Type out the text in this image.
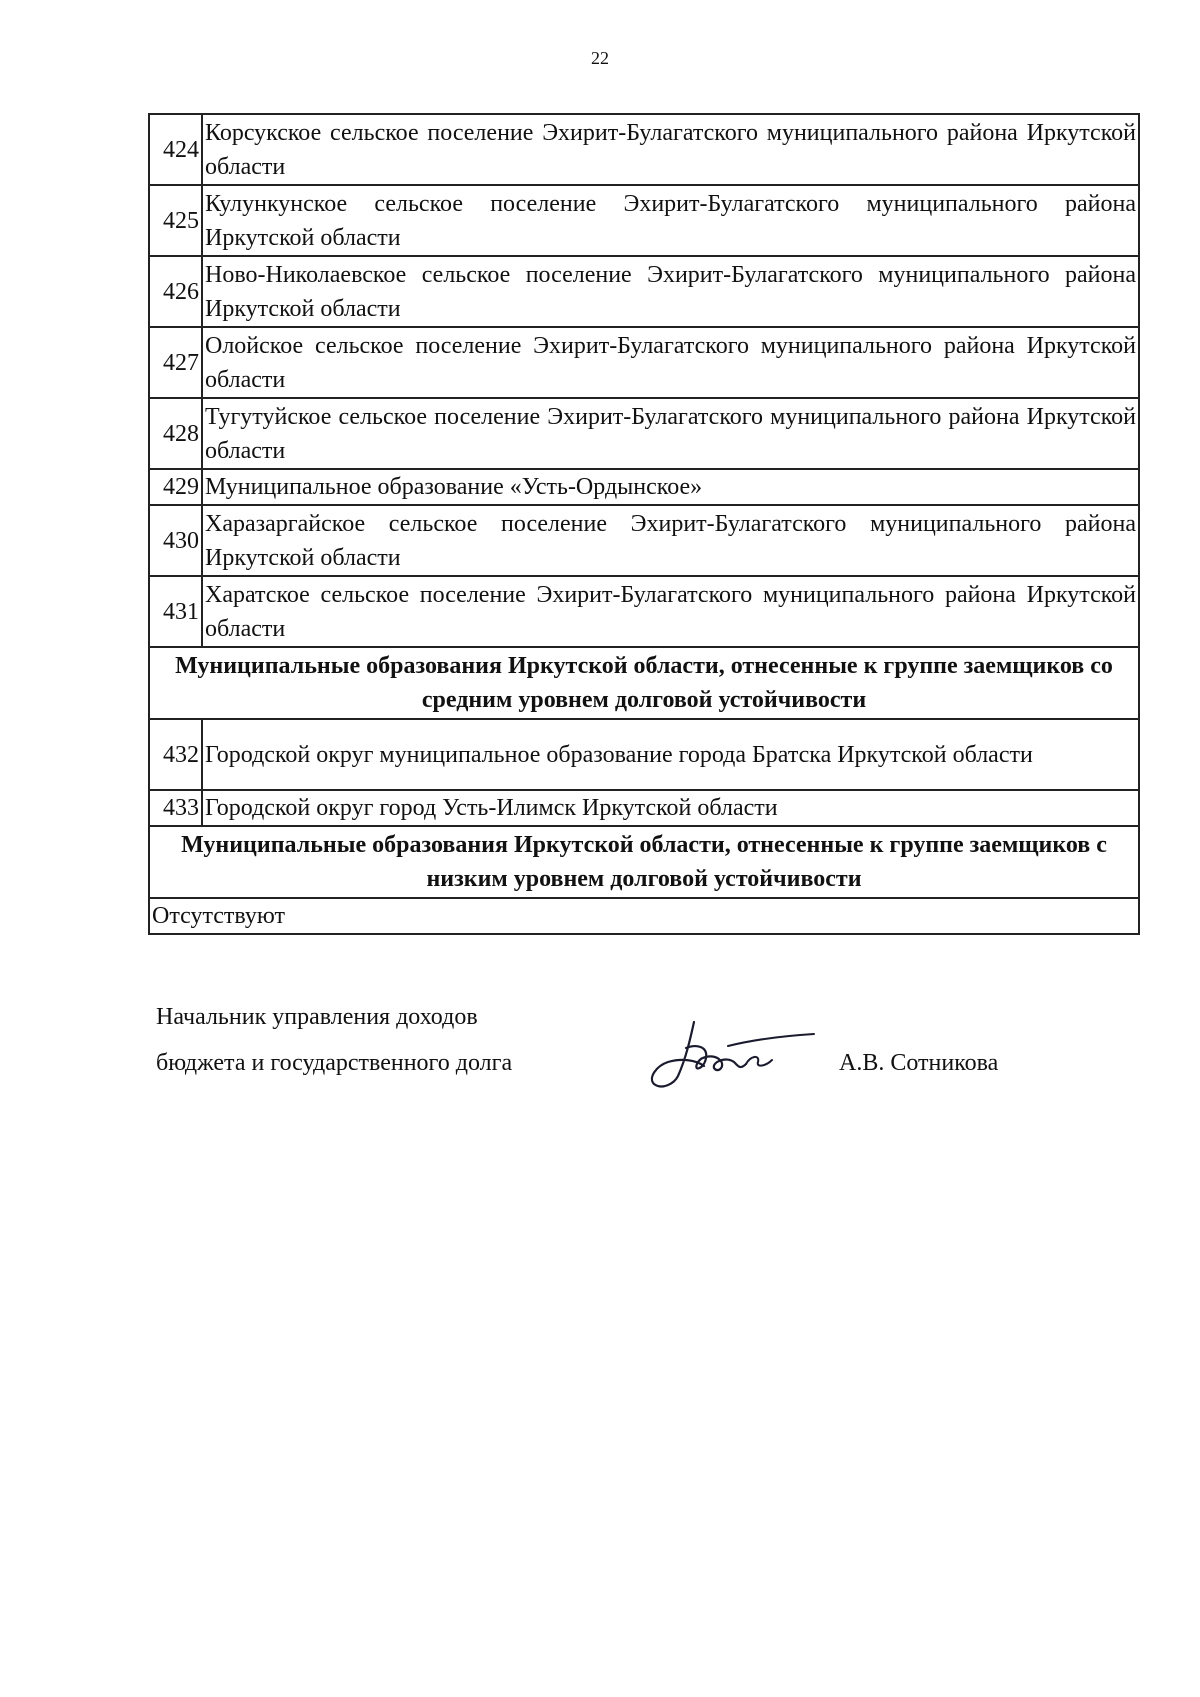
22
424	Корсукское сельское поселение Эхирит-Булагатского муниципального района Иркутской области
425	Кулункунское сельское поселение Эхирит-Булагатского муниципального района Иркутской области
426	Ново-Николаевское сельское поселение Эхирит-Булагатского муниципального района Иркутской области
427	Олойское сельское поселение Эхирит-Булагатского муниципального района Иркутской области
428	Тугутуйское сельское поселение Эхирит-Булагатского муниципального района Иркутской области
429	Муниципальное образование «Усть-Ордынское»
430	Харазаргайское сельское поселение Эхирит-Булагатского муниципального района Иркутской области
431	Харатское сельское поселение Эхирит-Булагатского муниципального района Иркутской области
Муниципальные образования Иркутской области, отнесенные к группе заемщиков со средним уровнем долговой устойчивости	
432	Городской округ муниципальное образование города Братска Иркутской области
433	Городской округ город Усть-Илимск Иркутской области
Муниципальные образования Иркутской области, отнесенные к группе заемщиков с низким уровнем долговой устойчивости	
Отсутствуют	
Начальник управления доходов
бюджета и государственного долга	А.В. Сотникова
